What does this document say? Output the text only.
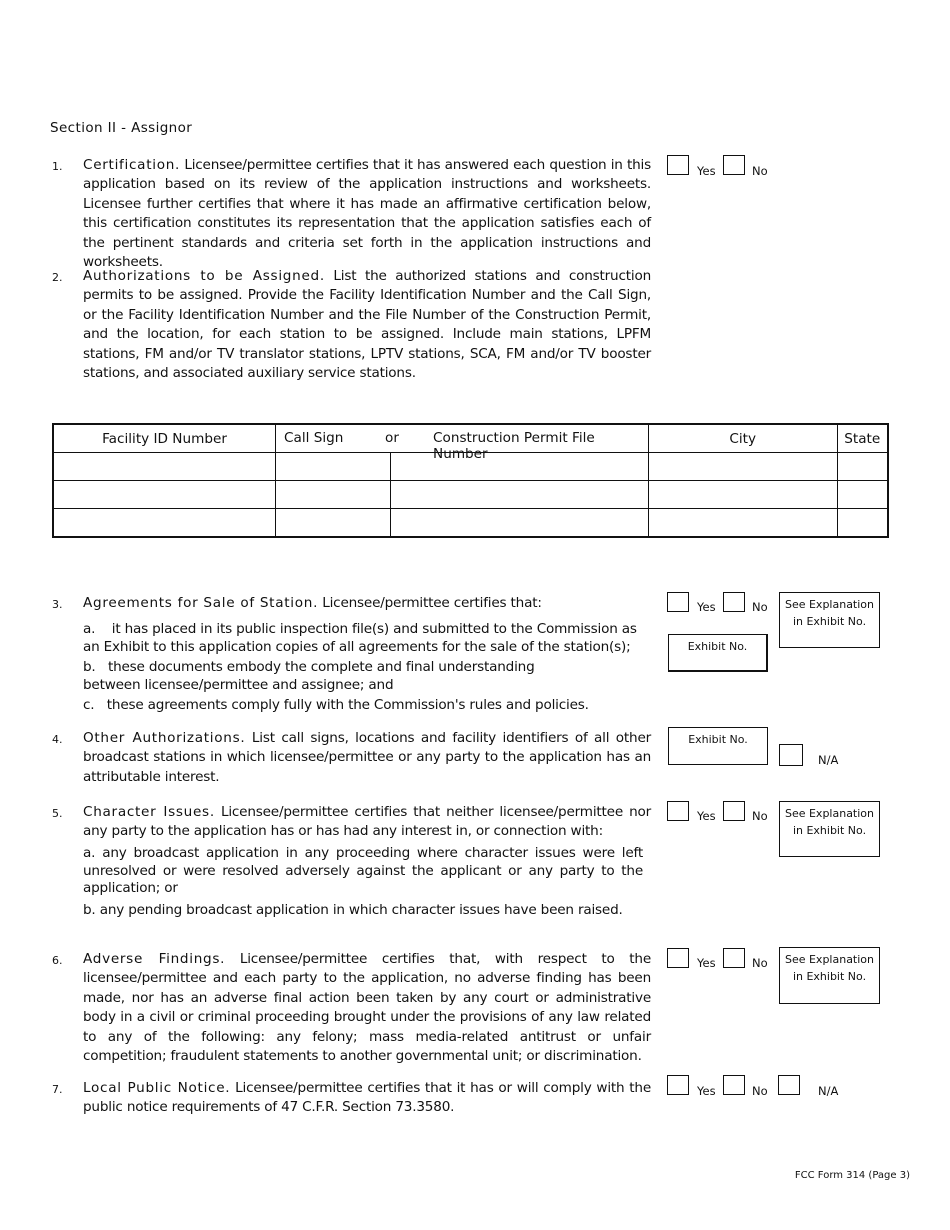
Section II - Assignor
1. Certification. Licensee/permittee certifies that it has answered each question in this application based on its review of the application instructions and worksheets. Licensee further certifies that where it has made an affirmative certification below, this certification constitutes its representation that the application satisfies each of the pertinent standards and criteria set forth in the application instructions and worksheets.
Yes	No
2. Authorizations to be Assigned. List the authorized stations and construction permits to be assigned. Provide the Facility Identification Number and the Call Sign, or the Facility Identification Number and the File Number of the Construction Permit, and the location, for each station to be assigned. Include main stations, LPFM stations, FM and/or TV translator stations, LPTV stations, SCA, FM and/or TV booster stations, and associated auxiliary service stations.
Facility ID Number	Call Sign or Construction Permit File Number		City	State

3. Agreements for Sale of Station. Licensee/permittee certifies that:
a. it has placed in its public inspection file(s) and submitted to the Commission as an Exhibit to this application copies of all agreements for the sale of the station(s);
b. these documents embody the complete and final understanding between licensee/permittee and assignee; and
c. these agreements comply fully with the Commission's rules and policies.
Yes	No	See Explanation
in Exhibit No.
Exhibit No.
4. Other Authorizations. List call signs, locations and facility identifiers of all other broadcast stations in which licensee/permittee or any party to the application has an attributable interest.
Exhibit No.
N/A
5. Character Issues. Licensee/permittee certifies that neither licensee/permittee nor any party to the application has or has had any interest in, or connection with:
a. any broadcast application in any proceeding where character issues were left unresolved or were resolved adversely against the applicant or any party to the application; or
b. any pending broadcast application in which character issues have been raised.
Yes	No	See Explanation
in Exhibit No.
6. Adverse Findings. Licensee/permittee certifies that, with respect to the licensee/permittee and each party to the application, no adverse finding has been made, nor has an adverse final action been taken by any court or administrative body in a civil or criminal proceeding brought under the provisions of any law related to any of the following: any felony; mass media-related antitrust or unfair competition; fraudulent statements to another governmental unit; or discrimination.
Yes	No	See Explanation
in Exhibit No.
7. Local Public Notice. Licensee/permittee certifies that it has or will comply with the public notice requirements of 47 C.F.R. Section 73.3580.
Yes	No	N/A
FCC Form 314 (Page 3)
